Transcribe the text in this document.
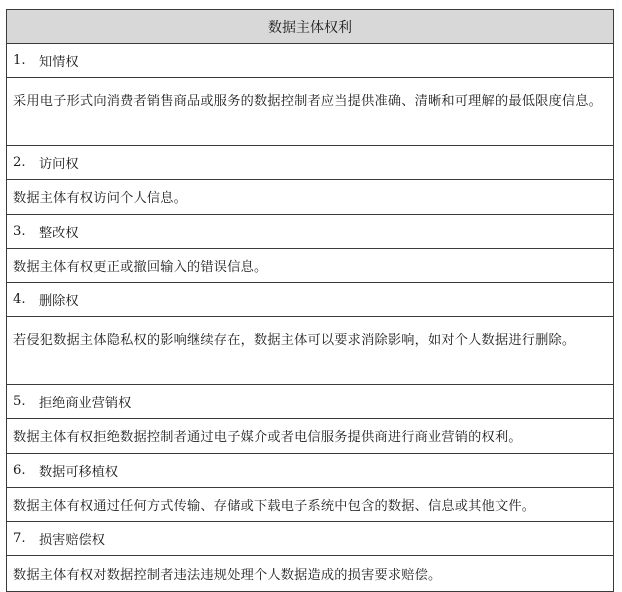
数据主体权利
1.	知情权
采用电子形式向消费者销售商品或服务的数据控制者应当提供准确、清晰和可理解的最低限度信息。
2.	访问权
数据主体有权访问个人信息。
3.	整改权
数据主体有权更正或撤回输入的错误信息。
4.	删除权
若侵犯数据主体隐私权的影响继续存在，数据主体可以要求消除影响，如对个人数据进行删除。
5.	拒绝商业营销权
数据主体有权拒绝数据控制者通过电子媒介或者电信服务提供商进行商业营销的权利。
6.	数据可移植权
数据主体有权通过任何方式传输、存储或下载电子系统中包含的数据、信息或其他文件。
7.	损害赔偿权
数据主体有权对数据控制者违法违规处理个人数据造成的损害要求赔偿。
